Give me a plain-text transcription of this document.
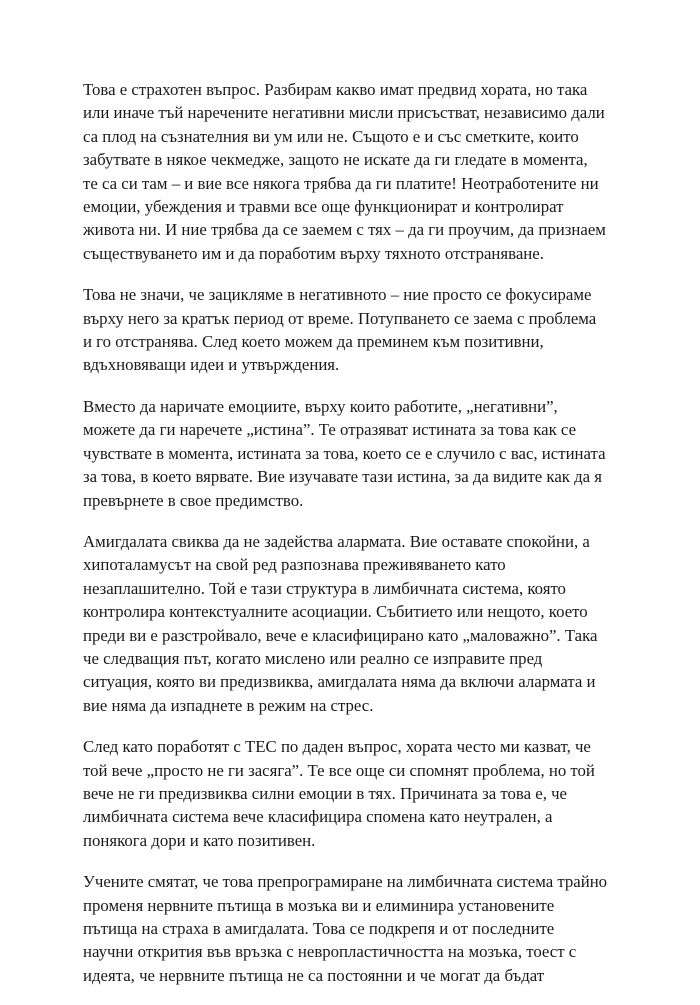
Това е страхотен въпрос. Разбирам какво имат предвид хората, но така
или иначе тъй наречените негативни мисли присъстват, независимо дали
са плод на съзнателния ви ум или не. Същото е и със сметките, които
забутвате в някое чекмедже, защото не искате да ги гледате в момента,
те са си там – и вие все някога трябва да ги платите! Неотработените ни
емоции, убеждения и травми все още функционират и контролират
живота ни. И ние трябва да се заемем с тях – да ги проучим, да признаем
съществуването им и да поработим върху тяхното отстраняване.

Това не значи, че зацикляме в негативното – ние просто се фокусираме
върху него за кратък период от време. Потупването се заема с проблема
и го отстранява. След което можем да преминем към позитивни,
вдъхновяващи идеи и утвърждения.

Вместо да наричате емоциите, върху които работите, „негативни”,
можете да ги наречете „истина”. Те отразяват истината за това как се
чувствате в момента, истината за това, което се е случило с вас, истината
за това, в което вярвате. Вие изучавате тази истина, за да видите как да я
превърнете в свое предимство.

Амигдалата свиква да не задейства алармата. Вие оставате спокойни, а
хипоталамусът на свой ред разпознава преживяването като
незаплашително. Той е тази структура в лимбичната система, която
контролира контекстуалните асоциации. Събитието или нещото, което
преди ви е разстройвало, вече е класифицирано като „маловажно”. Така
че следващия път, когато мислено или реално се изправите пред
ситуация, която ви предизвиква, амигдалата няма да включи алармата и
вие няма да изпаднете в режим на стрес.

След като поработят с ТЕС по даден въпрос, хората често ми казват, че
той вече „просто не ги засяга”. Те все още си спомнят проблема, но той
вече не ги предизвиква силни емоции в тях. Причината за това е, че
лимбичната система вече класифицира спомена като неутрален, а
понякога дори и като позитивен.

Учените смятат, че това препрограмиране на лимбичната система трайно
променя нервните пътища в мозъка ви и елиминира установените
пътища на страха в амигдалата. Това се подкрепя и от последните
научни открития във връзка с невропластичността на мозъка, тоест с
идеята, че нервните пътища не са постоянни и че могат да бъдат
